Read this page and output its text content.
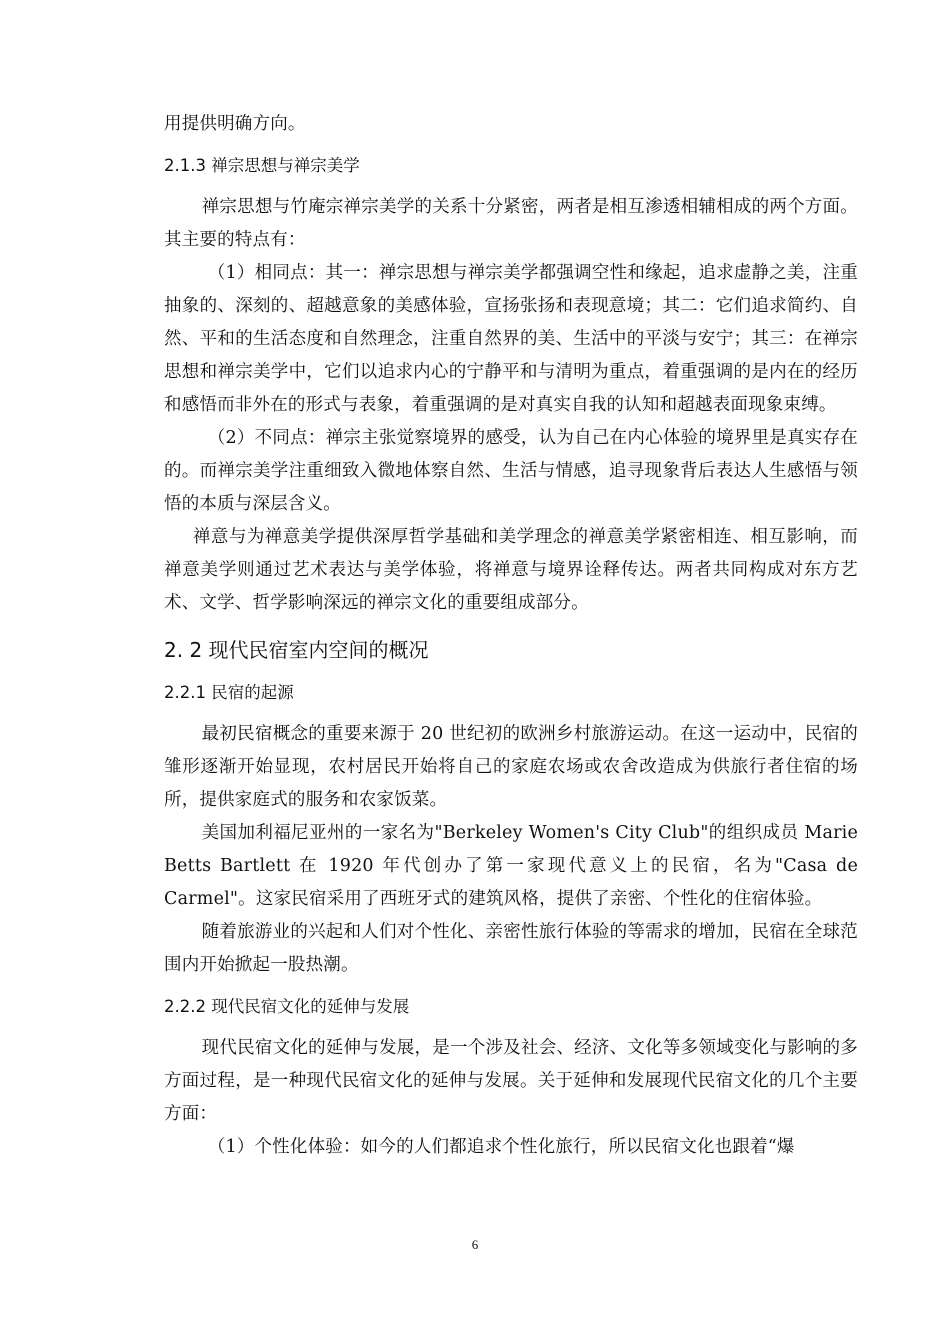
用提供明确方向。

2.1.3 禅宗思想与禅宗美学

禅宗思想与竹庵宗禅宗美学的关系十分紧密，两者是相互渗透相辅相成的两个方面。其主要的特点有：

（1）相同点：其一：禅宗思想与禅宗美学都强调空性和缘起，追求虚静之美，注重抽象的、深刻的、超越意象的美感体验，宣扬张扬和表现意境；其二：它们追求简约、自然、平和的生活态度和自然理念，注重自然界的美、生活中的平淡与安宁；其三：在禅宗思想和禅宗美学中，它们以追求内心的宁静平和与清明为重点，着重强调的是内在的经历和感悟而非外在的形式与表象，着重强调的是对真实自我的认知和超越表面现象束缚。

（2）不同点：禅宗主张觉察境界的感受，认为自己在内心体验的境界里是真实存在的。而禅宗美学注重细致入微地体察自然、生活与情感，追寻现象背后表达人生感悟与领悟的本质与深层含义。

禅意与为禅意美学提供深厚哲学基础和美学理念的禅意美学紧密相连、相互影响，而禅意美学则通过艺术表达与美学体验，将禅意与境界诠释传达。两者共同构成对东方艺术、文学、哲学影响深远的禅宗文化的重要组成部分。

2. 2 现代民宿室内空间的概况
2.2.1 民宿的起源

最初民宿概念的重要来源于 20 世纪初的欧洲乡村旅游运动。在这一运动中，民宿的雏形逐渐开始显现，农村居民开始将自己的家庭农场或农舍改造成为供旅行者住宿的场所，提供家庭式的服务和农家饭菜。

美国加利福尼亚州的一家名为"Berkeley Women's City Club"的组织成员 Marie Betts Bartlett 在 1920 年代创办了第一家现代意义上的民宿，名为"Casa de Carmel"。这家民宿采用了西班牙式的建筑风格，提供了亲密、个性化的住宿体验。

随着旅游业的兴起和人们对个性化、亲密性旅行体验的等需求的增加，民宿在全球范围内开始掀起一股热潮。

2.2.2 现代民宿文化的延伸与发展

现代民宿文化的延伸与发展，是一个涉及社会、经济、文化等多领域变化与影响的多方面过程，是一种现代民宿文化的延伸与发展。关于延伸和发展现代民宿文化的几个主要方面：

（1）个性化体验：如今的人们都追求个性化旅行，所以民宿文化也跟着“爆

6
